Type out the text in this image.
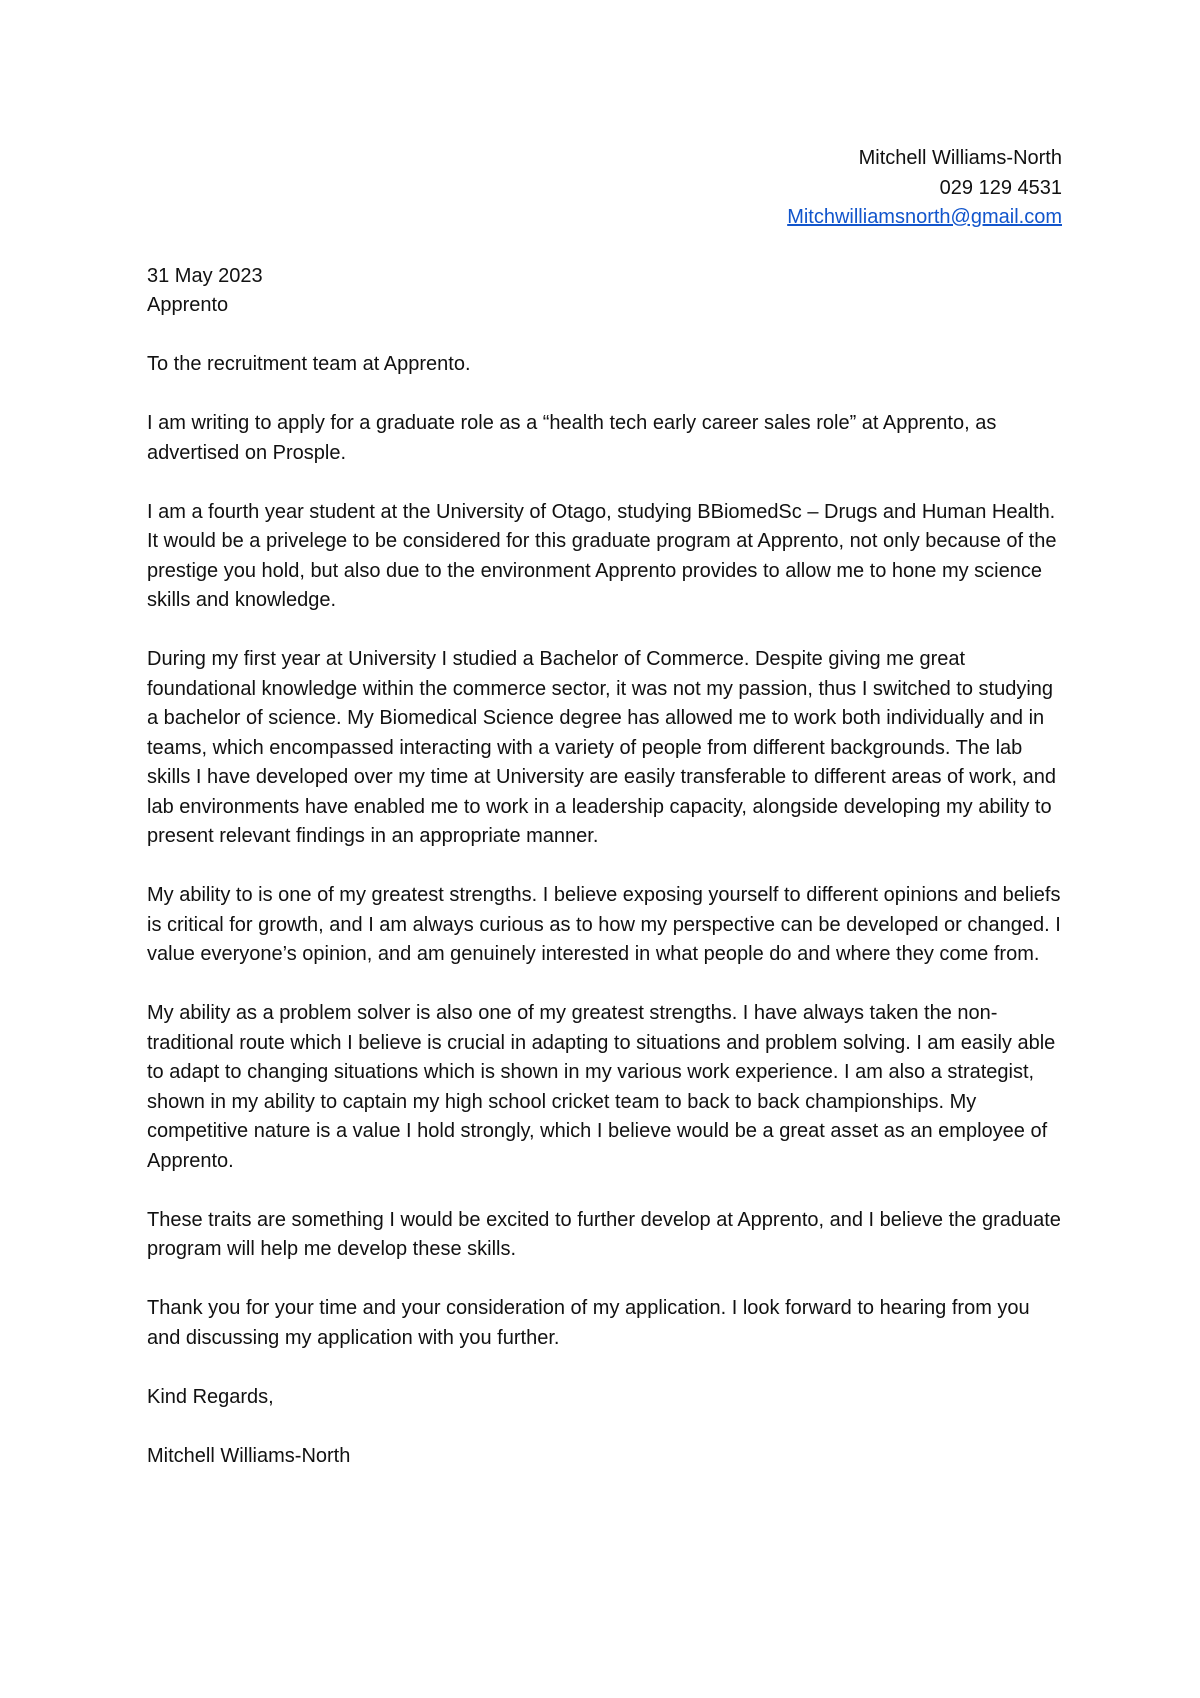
Mitchell Williams-North
029 129 4531
Mitchwilliamsnorth@gmail.com
31 May 2023
Apprento

To the recruitment team at Apprento.

I am writing to apply for a graduate role as a “health tech early career sales role” at Apprento, as advertised on Prosple.

I am a fourth year student at the University of Otago, studying BBiomedSc – Drugs and Human Health. It would be a privelege to be considered for this graduate program at Apprento, not only because of the prestige you hold, but also due to the environment Apprento provides to allow me to hone my science skills and knowledge.

During my first year at University I studied a Bachelor of Commerce. Despite giving me great foundational knowledge within the commerce sector, it was not my passion, thus I switched to studying a bachelor of science. My Biomedical Science degree has allowed me to work both individually and in teams, which encompassed interacting with a variety of people from different backgrounds. The lab skills I have developed over my time at University are easily transferable to different areas of work, and lab environments have enabled me to work in a leadership capacity, alongside developing my ability to present relevant findings in an appropriate manner.

My ability to is one of my greatest strengths. I believe exposing yourself to different opinions and beliefs is critical for growth, and I am always curious as to how my perspective can be developed or changed. I value everyone’s opinion, and am genuinely interested in what people do and where they come from.

My ability as a problem solver is also one of my greatest strengths. I have always taken the non-traditional route which I believe is crucial in adapting to situations and problem solving. I am easily able to adapt to changing situations which is shown in my various work experience. I am also a strategist, shown in my ability to captain my high school cricket team to back to back championships. My competitive nature is a value I hold strongly, which I believe would be a great asset as an employee of Apprento.

These traits are something I would be excited to further develop at Apprento, and I believe the graduate program will help me develop these skills.

Thank you for your time and your consideration of my application. I look forward to hearing from you and discussing my application with you further.

Kind Regards,

Mitchell Williams-North
